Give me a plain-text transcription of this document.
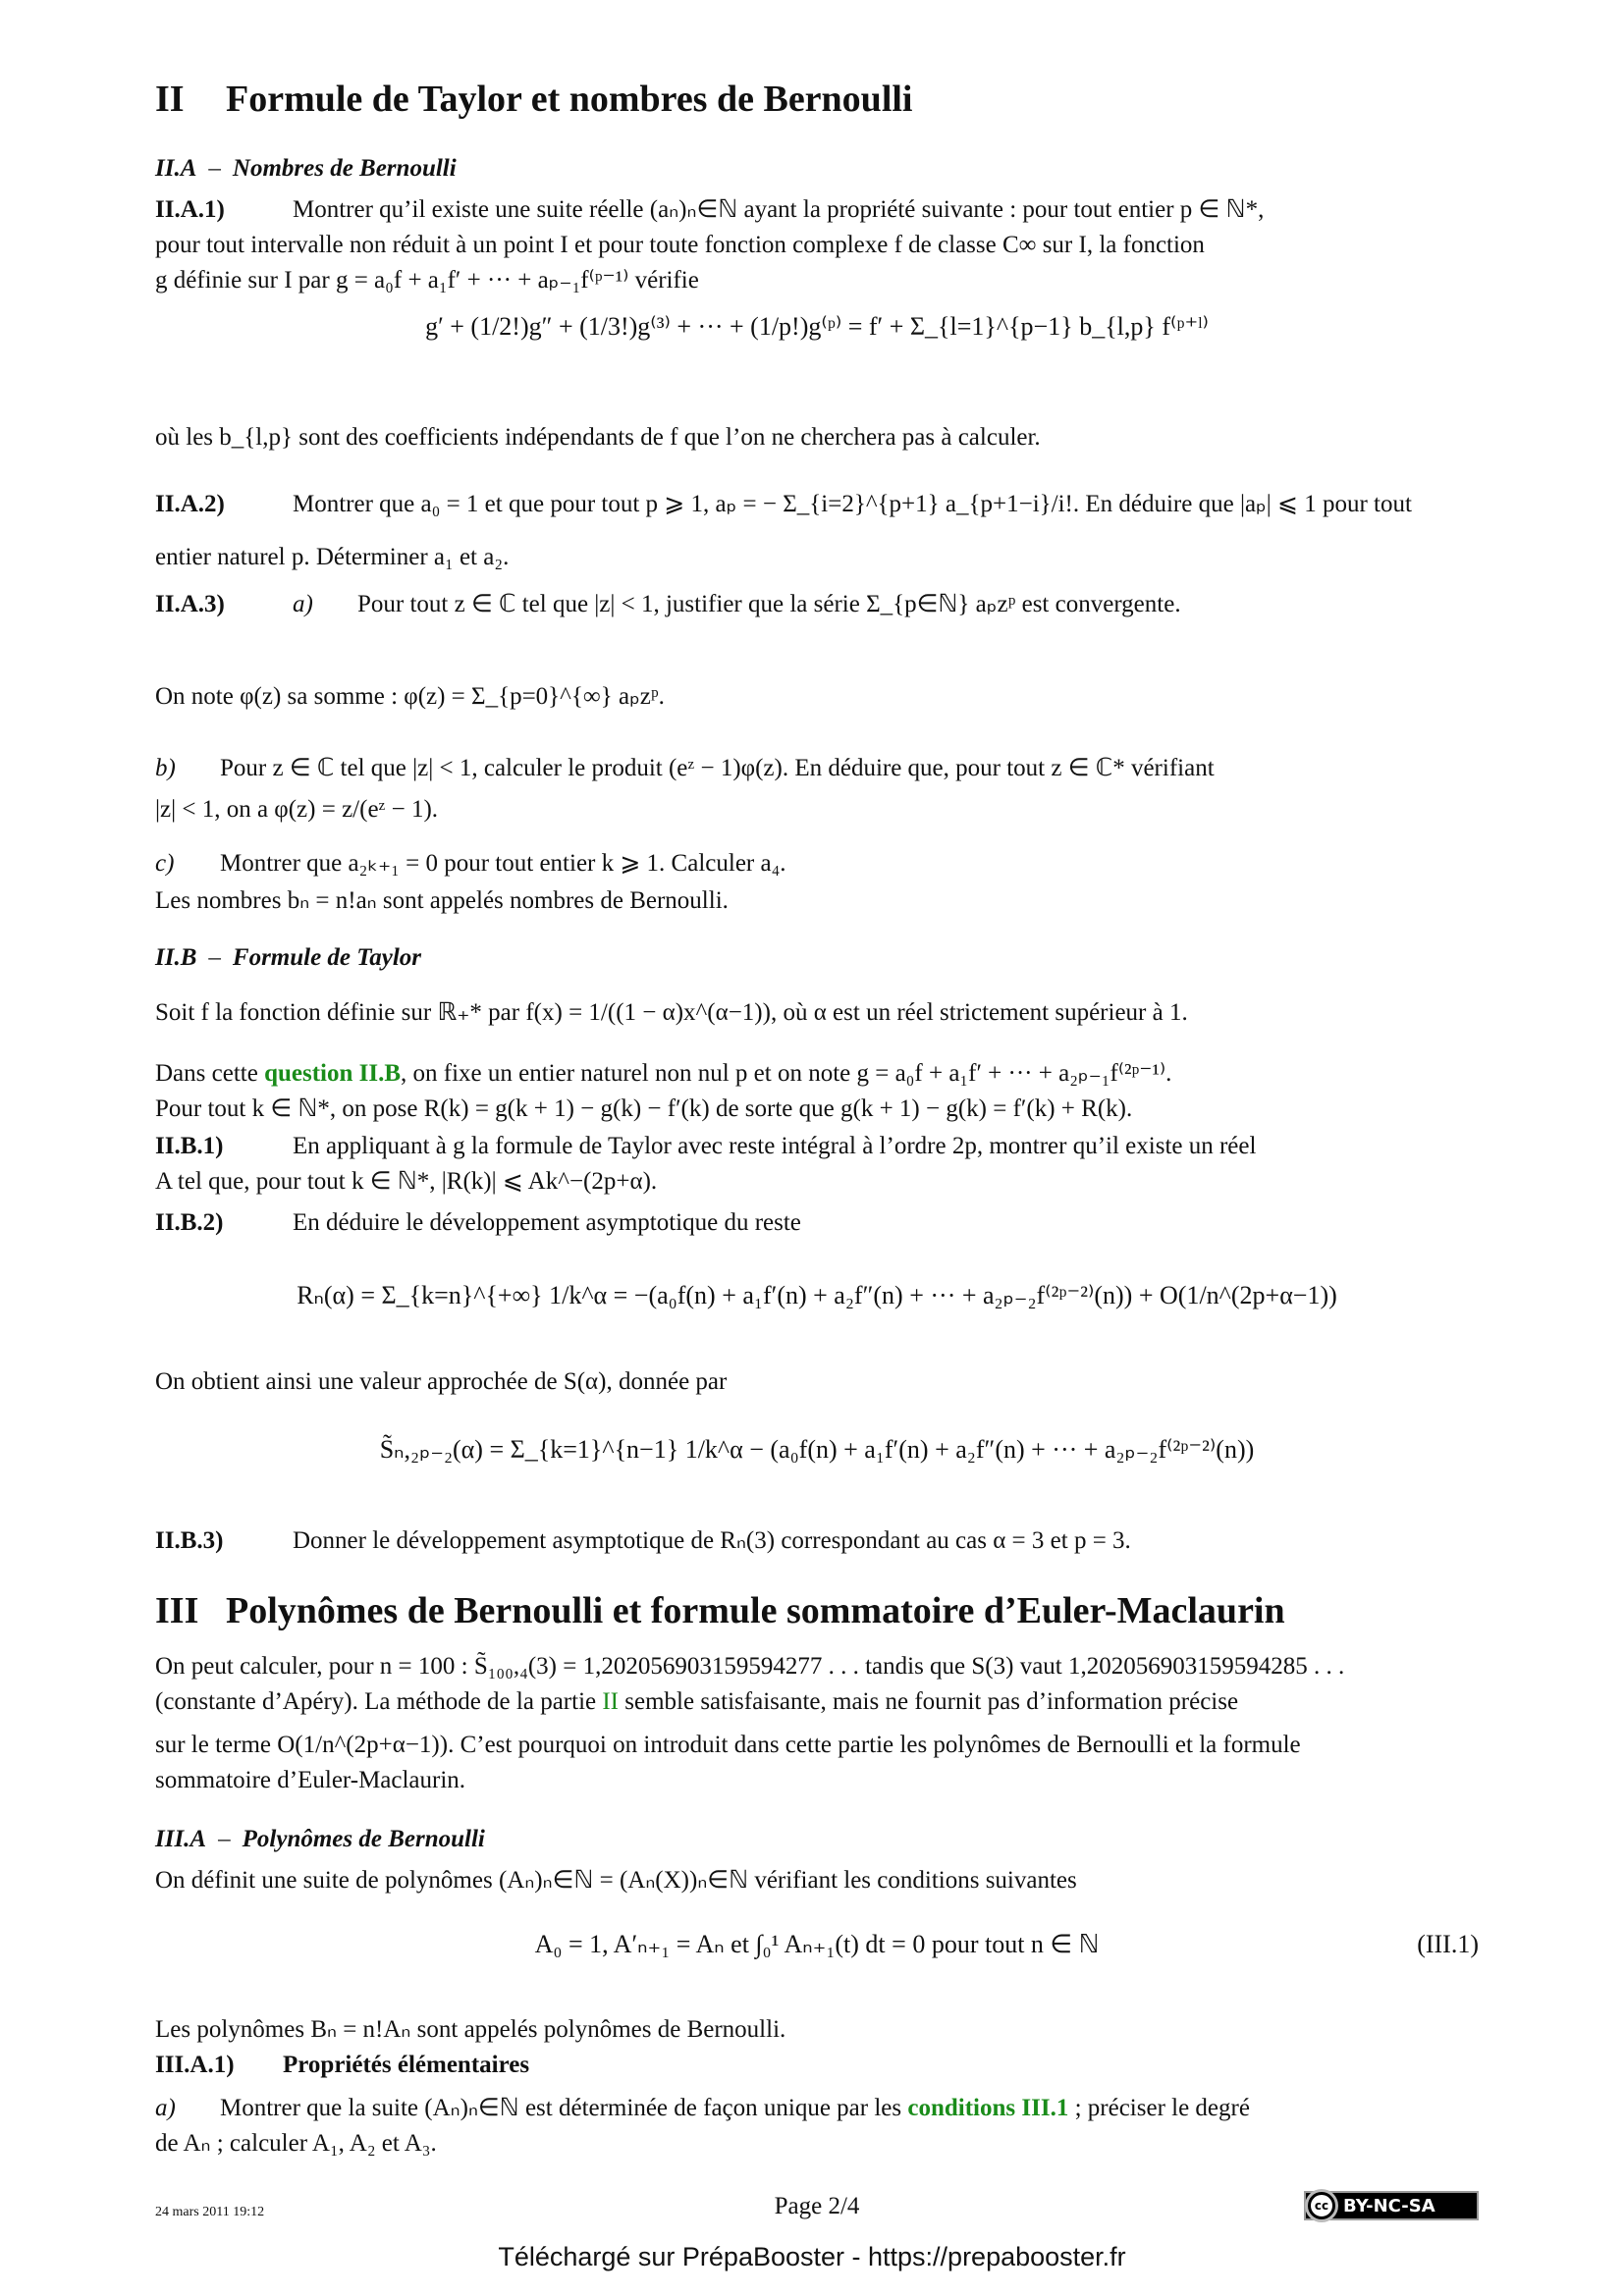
II Formule de Taylor et nombres de Bernoulli
II.A – Nombres de Bernoulli
II.A.1)	Montrer qu’il existe une suite réelle (aₙ)ₙ∈ℕ ayant la propriété suivante : pour tout entier p ∈ ℕ*,
pour tout intervalle non réduit à un point I et pour toute fonction complexe f de classe C∞ sur I, la fonction
g définie sur I par g = a₀f + a₁f′ + ··· + aₚ₋₁f⁽ᵖ⁻¹⁾ vérifie
g′ + (1/2!)g″ + (1/3!)g⁽³⁾ + ··· + (1/p!)g⁽ᵖ⁾ = f′ + Σ_{l=1}^{p−1} b_{l,p} f⁽ᵖ⁺ˡ⁾
où les b_{l,p} sont des coefficients indépendants de f que l’on ne cherchera pas à calculer.
II.A.2)	Montrer que a₀ = 1 et que pour tout p ⩾ 1, aₚ = − Σ_{i=2}^{p+1} a_{p+1−i}/i!. En déduire que |aₚ| ⩽ 1 pour tout
entier naturel p. Déterminer a₁ et a₂.
II.A.3)	a) Pour tout z ∈ ℂ tel que |z| < 1, justifier que la série Σ_{p∈ℕ} aₚzᵖ est convergente.
On note φ(z) sa somme : φ(z) = Σ_{p=0}^{∞} aₚzᵖ.
b) Pour z ∈ ℂ tel que |z| < 1, calculer le produit (eᶻ − 1)φ(z). En déduire que, pour tout z ∈ ℂ* vérifiant
|z| < 1, on a φ(z) = z/(eᶻ − 1).
c) Montrer que a₂ₖ₊₁ = 0 pour tout entier k ⩾ 1. Calculer a₄.
Les nombres bₙ = n!aₙ sont appelés nombres de Bernoulli.
II.B – Formule de Taylor
Soit f la fonction définie sur ℝ₊* par f(x) = 1/((1 − α)x^(α−1)), où α est un réel strictement supérieur à 1.
Dans cette question II.B, on fixe un entier naturel non nul p et on note g = a₀f + a₁f′ + ··· + a₂ₚ₋₁f⁽²ᵖ⁻¹⁾.
Pour tout k ∈ ℕ*, on pose R(k) = g(k + 1) − g(k) − f′(k) de sorte que g(k + 1) − g(k) = f′(k) + R(k).
II.B.1)	En appliquant à g la formule de Taylor avec reste intégral à l’ordre 2p, montrer qu’il existe un réel
A tel que, pour tout k ∈ ℕ*, |R(k)| ⩽ Ak^−(2p+α).
II.B.2)	En déduire le développement asymptotique du reste
Rₙ(α) = Σ_{k=n}^{+∞} 1/k^α = −(a₀f(n) + a₁f′(n) + a₂f″(n) + ··· + a₂ₚ₋₂f⁽²ᵖ⁻²⁾(n)) + O(1/n^(2p+α−1))
On obtient ainsi une valeur approchée de S(α), donnée par
S̃ₙ,₂ₚ₋₂(α) = Σ_{k=1}^{n−1} 1/k^α − (a₀f(n) + a₁f′(n) + a₂f″(n) + ··· + a₂ₚ₋₂f⁽²ᵖ⁻²⁾(n))
II.B.3)	Donner le développement asymptotique de Rₙ(3) correspondant au cas α = 3 et p = 3.
III Polynômes de Bernoulli et formule sommatoire d’Euler-Maclaurin
On peut calculer, pour n = 100 : S̃₁₀₀,₄(3) = 1,202056903159594277 . . . tandis que S(3) vaut 1,202056903159594285 . . .
(constante d’Apéry). La méthode de la partie II semble satisfaisante, mais ne fournit pas d’information précise
sur le terme O(1/n^(2p+α−1)). C’est pourquoi on introduit dans cette partie les polynômes de Bernoulli et la formule
sommatoire d’Euler-Maclaurin.
III.A – Polynômes de Bernoulli
On définit une suite de polynômes (Aₙ)ₙ∈ℕ = (Aₙ(X))ₙ∈ℕ vérifiant les conditions suivantes
A₀ = 1, A′ₙ₊₁ = Aₙ et ∫₀¹ Aₙ₊₁(t) dt = 0 pour tout n ∈ ℕ	(III.1)
Les polynômes Bₙ = n!Aₙ sont appelés polynômes de Bernoulli.
III.A.1) Propriétés élémentaires
a) Montrer que la suite (Aₙ)ₙ∈ℕ est déterminée de façon unique par les conditions III.1 ; préciser le degré
de Aₙ ; calculer A₁, A₂ et A₃.
24 mars 2011 19:12	Page 2/4	cc BY-NC-SA
Téléchargé sur PrépaBooster - https://prepabooster.fr
